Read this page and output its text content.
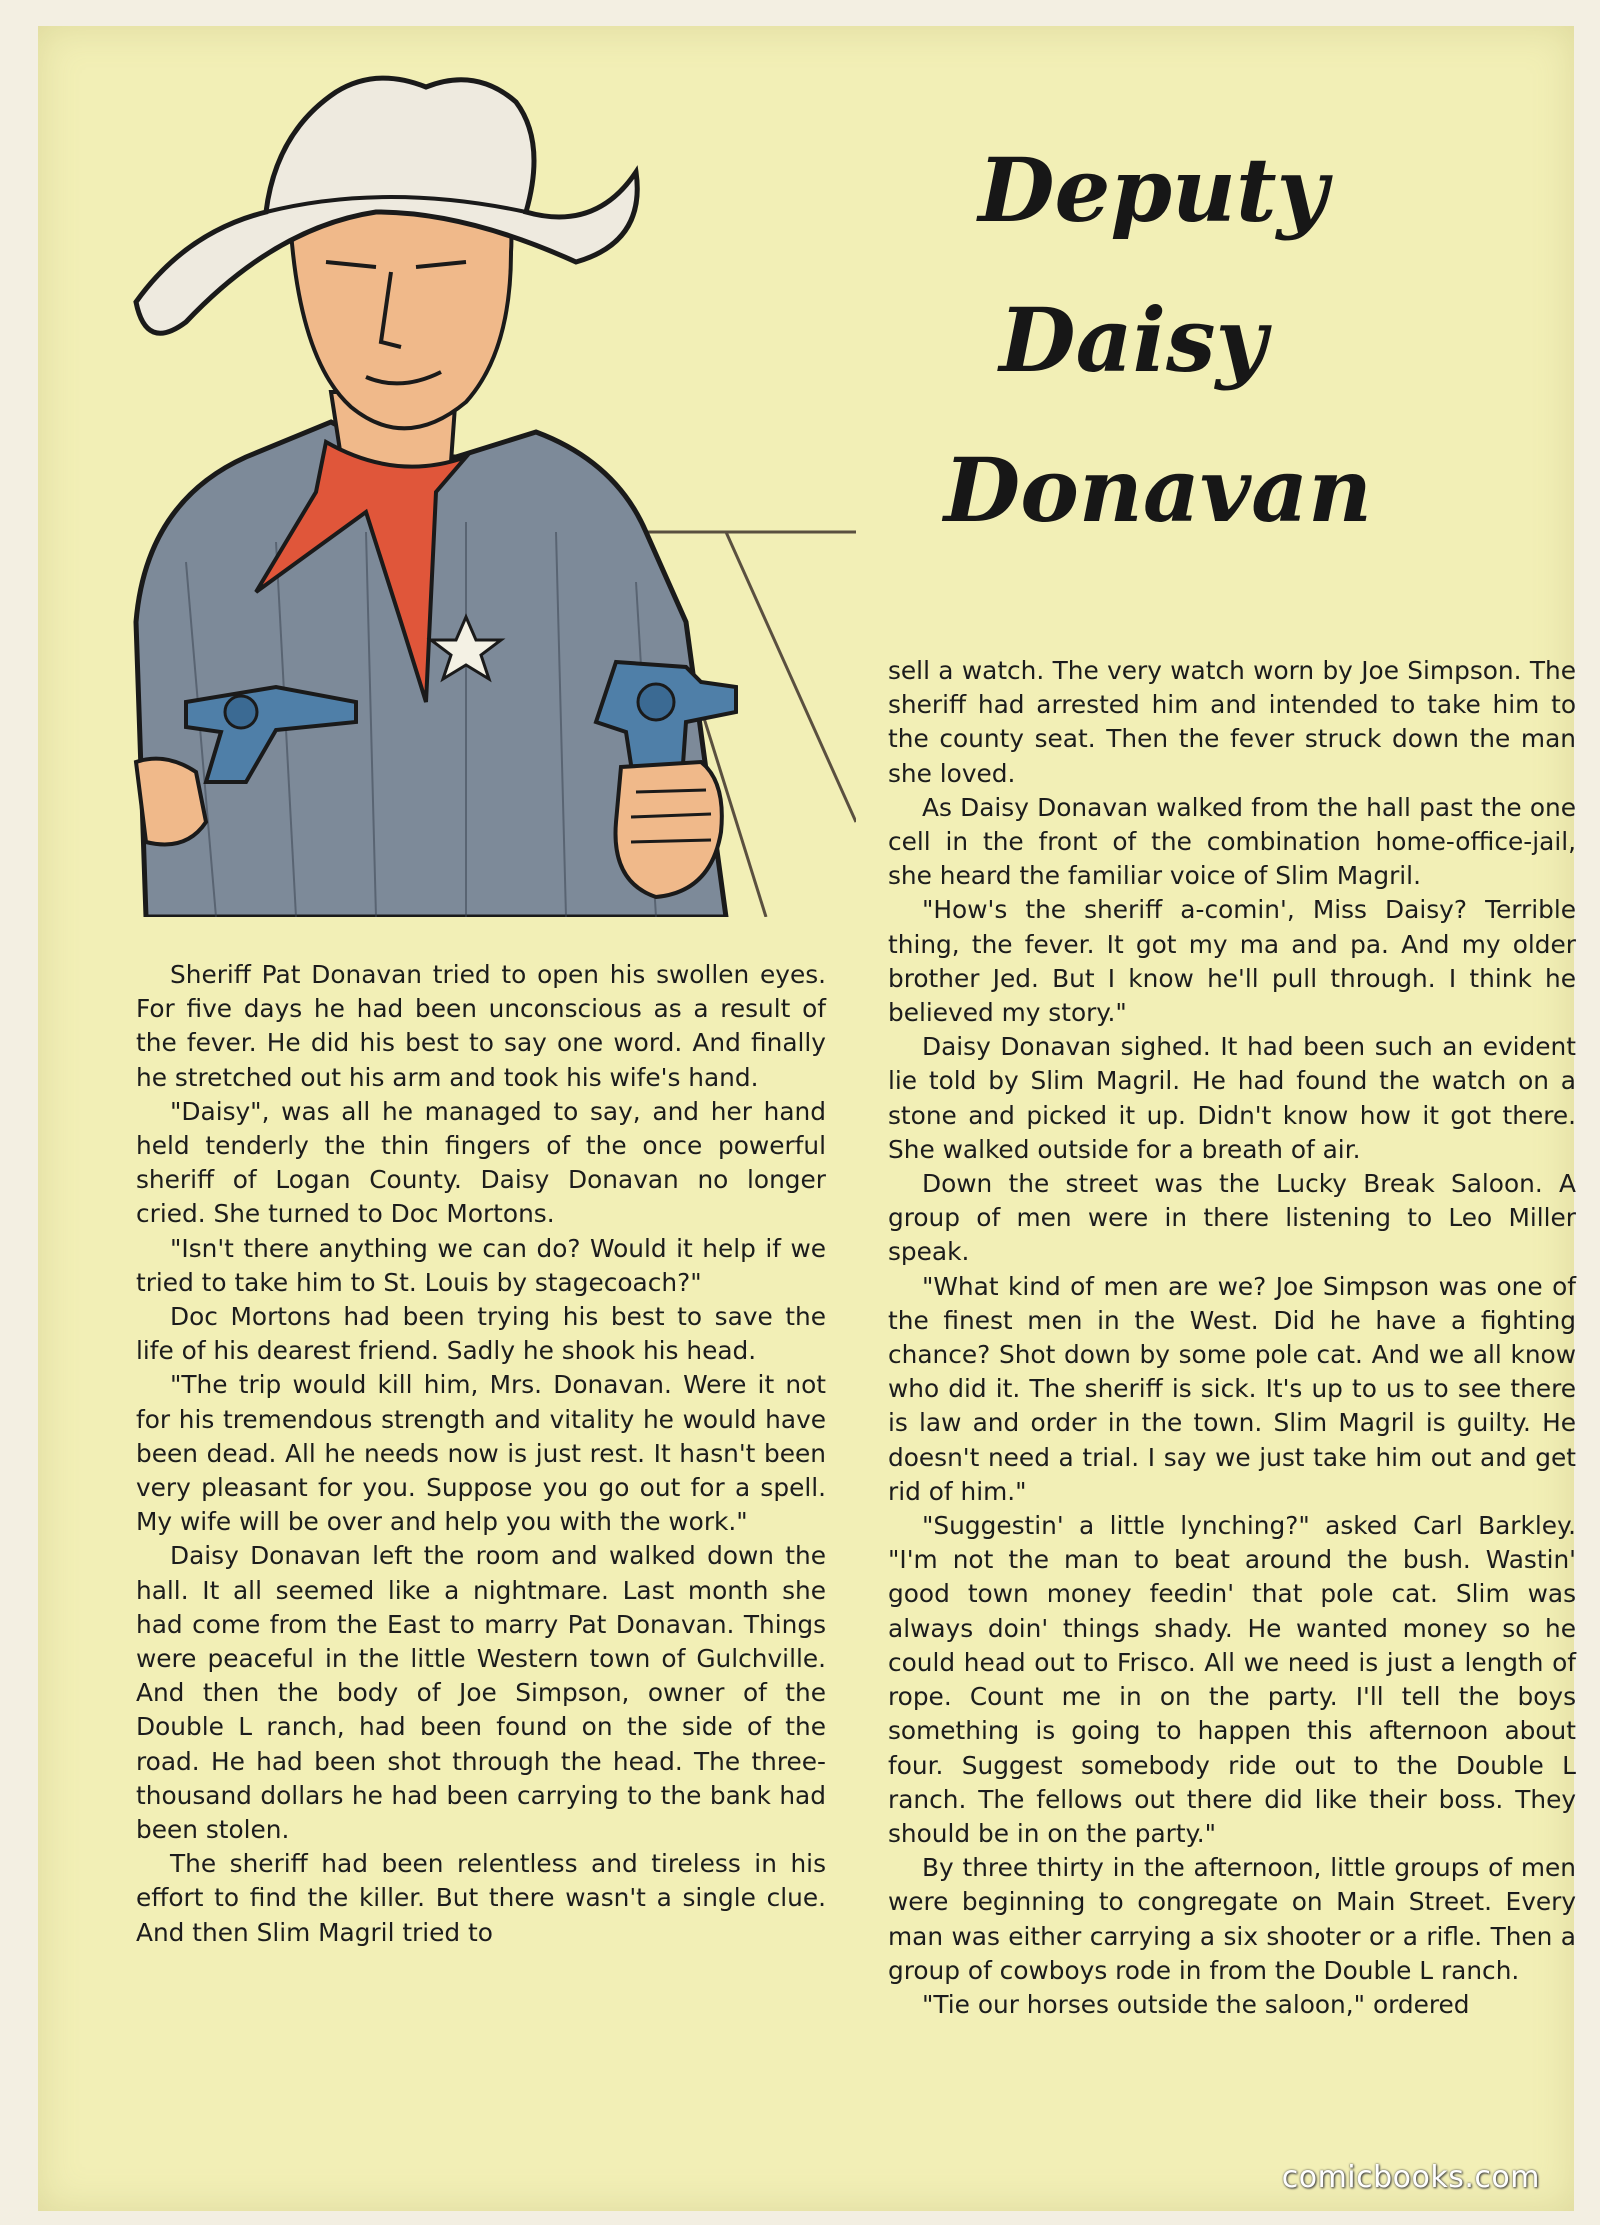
Deputy
Daisy
Donavan

sell a watch. The very watch worn by Joe Simpson. The sheriff had arrested him and intended to take him to the county seat. Then the fever struck down the man she loved.

As Daisy Donavan walked from the hall past the one cell in the front of the combination home-office-jail, she heard the familiar voice of Slim Magril.

"How's the sheriff a-comin', Miss Daisy? Terrible thing, the fever. It got my ma and pa. And my older brother Jed. But I know he'll pull through. I think he believed my story."

Daisy Donavan sighed. It had been such an evident lie told by Slim Magril. He had found the watch on a stone and picked it up. Didn't know how it got there. She walked outside for a breath of air.

Down the street was the Lucky Break Saloon. A group of men were in there listening to Leo Miller speak.

"What kind of men are we? Joe Simpson was one of the finest men in the West. Did he have a fighting chance? Shot down by some pole cat. And we all know who did it. The sheriff is sick. It's up to us to see there is law and order in the town. Slim Magril is guilty. He doesn't need a trial. I say we just take him out and get rid of him."

"Suggestin' a little lynching?" asked Carl Barkley. "I'm not the man to beat around the bush. Wastin' good town money feedin' that pole cat. Slim was always doin' things shady. He wanted money so he could head out to Frisco. All we need is just a length of rope. Count me in on the party. I'll tell the boys something is going to happen this afternoon about four. Suggest somebody ride out to the Double L ranch. The fellows out there did like their boss. They should be in on the party."

By three thirty in the afternoon, little groups of men were beginning to congregate on Main Street. Every man was either carrying a six shooter or a rifle. Then a group of cowboys rode in from the Double L ranch.

"Tie our horses outside the saloon," ordered

Sheriff Pat Donavan tried to open his swollen eyes. For five days he had been unconscious as a result of the fever. He did his best to say one word. And finally he stretched out his arm and took his wife's hand.

"Daisy", was all he managed to say, and her hand held tenderly the thin fingers of the once powerful sheriff of Logan County. Daisy Donavan no longer cried. She turned to Doc Mortons.

"Isn't there anything we can do? Would it help if we tried to take him to St. Louis by stagecoach?"

Doc Mortons had been trying his best to save the life of his dearest friend. Sadly he shook his head.

"The trip would kill him, Mrs. Donavan. Were it not for his tremendous strength and vitality he would have been dead. All he needs now is just rest. It hasn't been very pleasant for you. Suppose you go out for a spell. My wife will be over and help you with the work."

Daisy Donavan left the room and walked down the hall. It all seemed like a nightmare. Last month she had come from the East to marry Pat Donavan. Things were peaceful in the little Western town of Gulchville. And then the body of Joe Simpson, owner of the Double L ranch, had been found on the side of the road. He had been shot through the head. The three-thousand dollars he had been carrying to the bank had been stolen.

The sheriff had been relentless and tireless in his effort to find the killer. But there wasn't a single clue. And then Slim Magril tried to

comicbooks.com
